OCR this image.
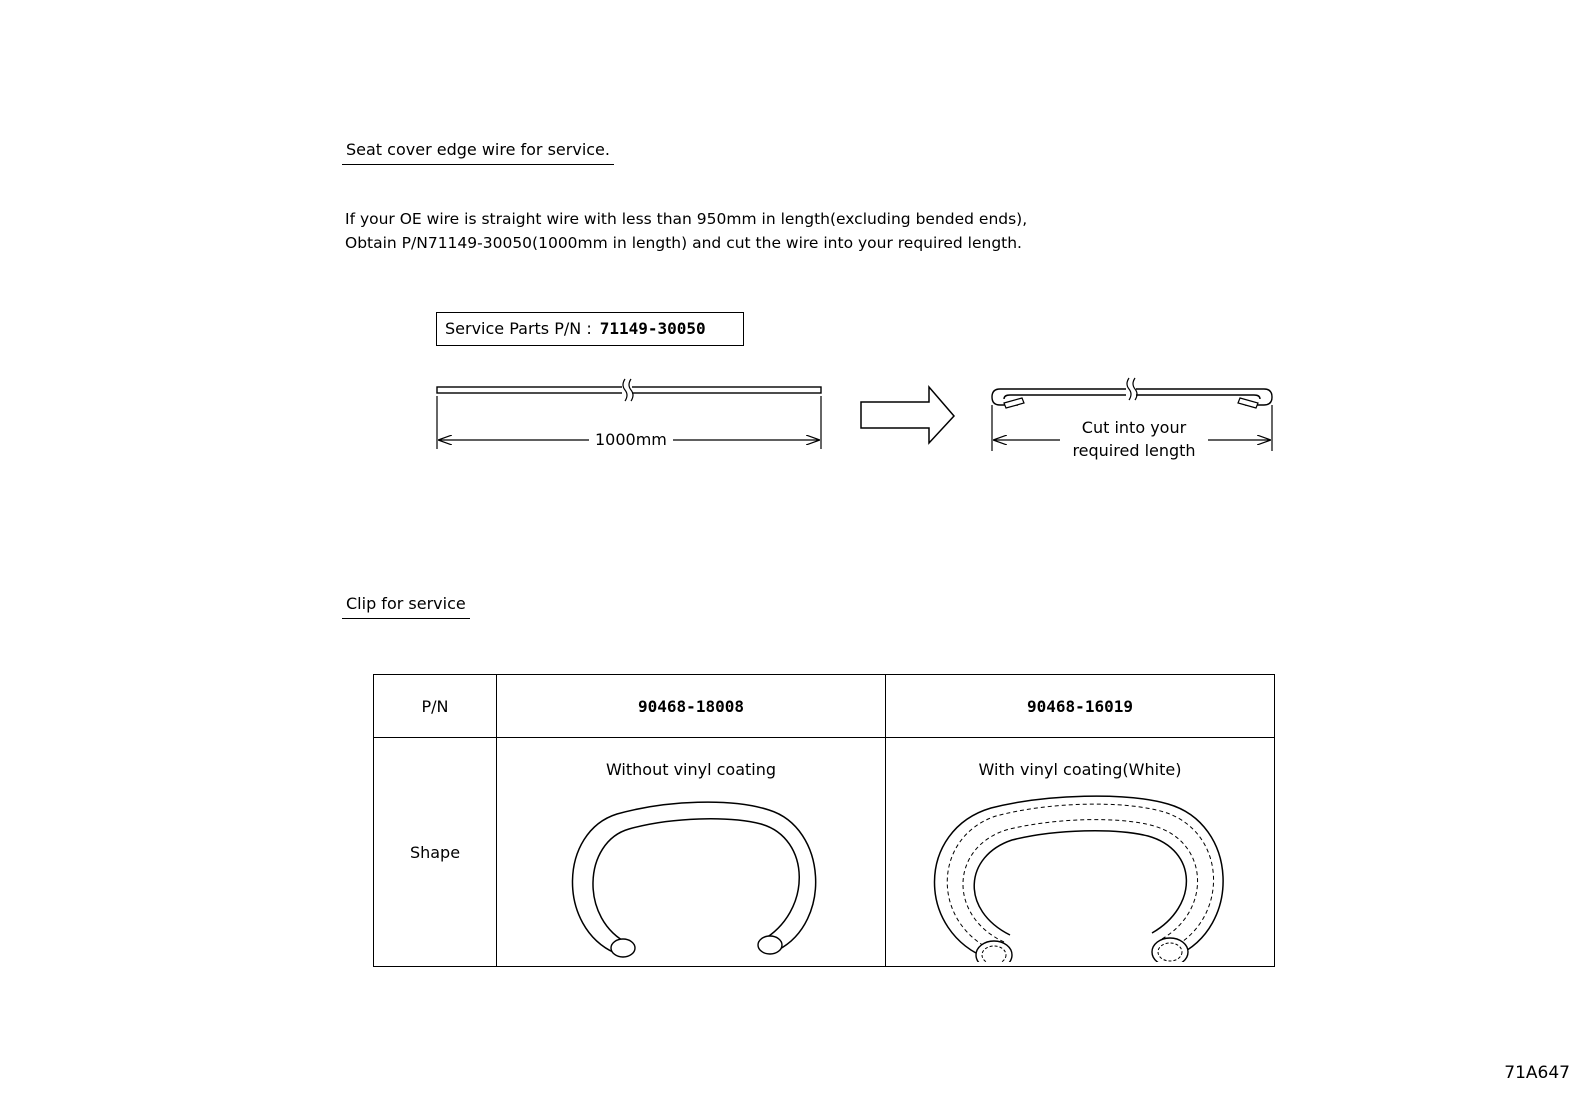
Seat cover edge wire for service.
If your OE wire is straight wire with less than 950mm in length(excluding bended ends),
Obtain P/N71149-30050(1000mm in length) and cut the wire into your required length.
Service Parts P/N : 71149-30050
1000mm
Cut into your
required length
Clip for service
P/N	90468-18008	90468-16019

Shape	Without vinyl coating	With vinyl coating(White)
71A647
